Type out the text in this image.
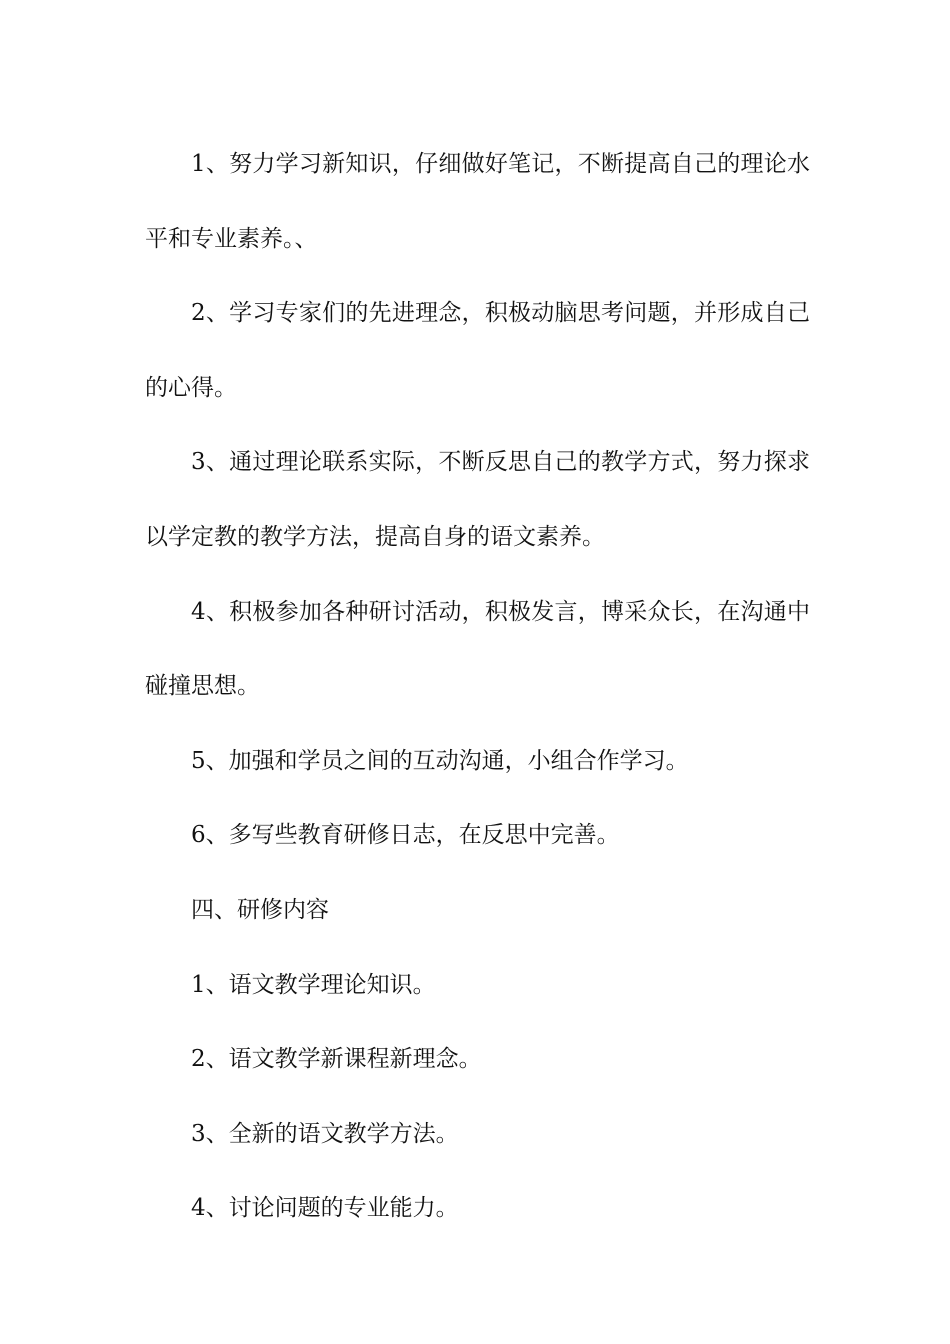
1、努力学习新知识，仔细做好笔记，不断提高自己的理论水平和专业素养。、

2、学习专家们的先进理念，积极动脑思考问题，并形成自己的心得。

3、通过理论联系实际，不断反思自己的教学方式，努力探求以学定教的教学方法，提高自身的语文素养。

4、积极参加各种研讨活动，积极发言，博采众长，在沟通中碰撞思想。

5、加强和学员之间的互动沟通，小组合作学习。

6、多写些教育研修日志，在反思中完善。

四、研修内容

1、语文教学理论知识。

2、语文教学新课程新理念。

3、全新的语文教学方法。

4、讨论问题的专业能力。
